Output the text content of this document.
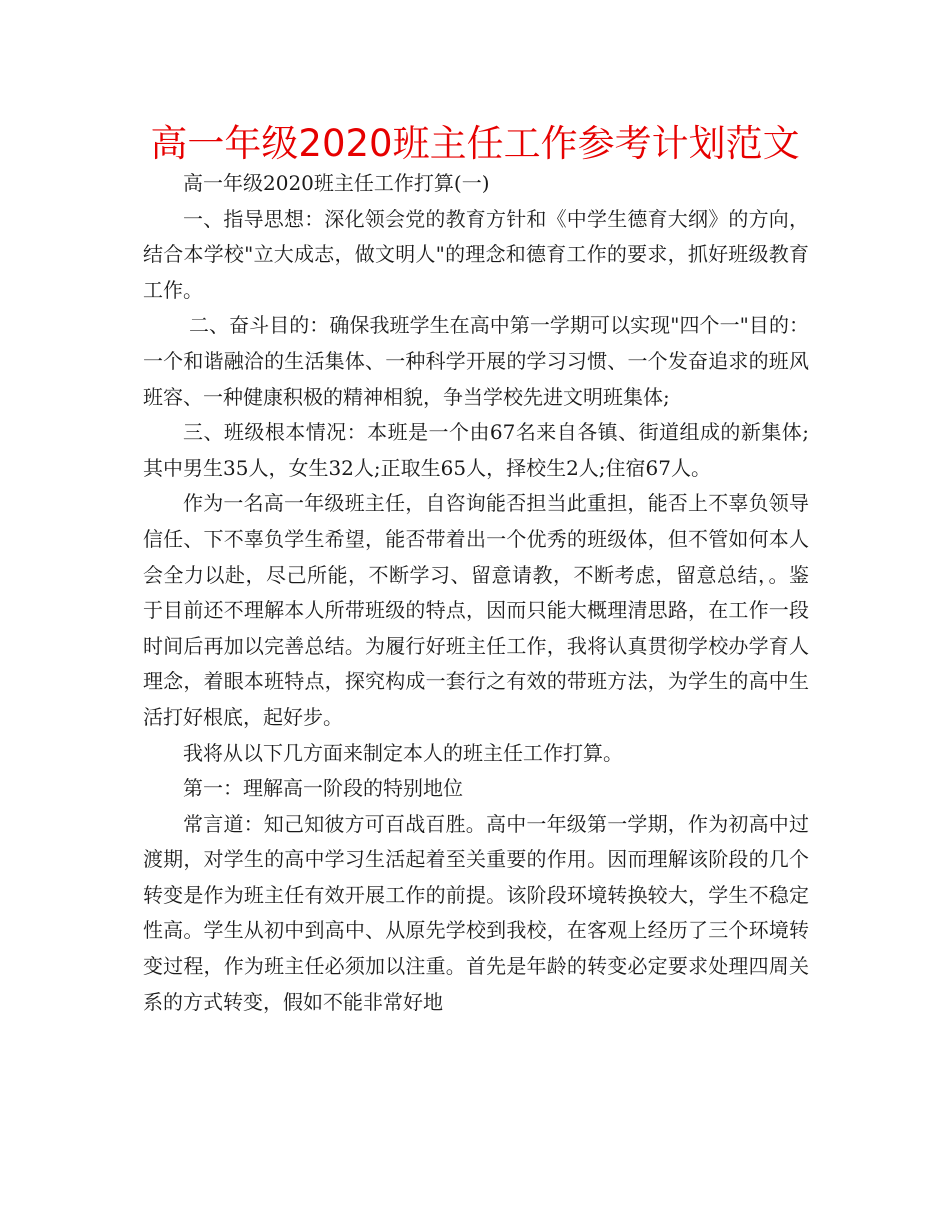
高一年级2020班主任工作参考计划范文

高一年级2020班主任工作打算(一)

一、指导思想：深化领会党的教育方针和《中学生德育大纲》的方向，结合本学校"立大成志，做文明人"的理念和德育工作的要求，抓好班级教育工作。

二、奋斗目的：确保我班学生在高中第一学期可以实现"四个一"目的：一个和谐融洽的生活集体、一种科学开展的学习习惯、一个发奋追求的班风班容、一种健康积极的精神相貌，争当学校先进文明班集体;

三、班级根本情况：本班是一个由67名来自各镇、街道组成的新集体;其中男生35人，女生32人;正取生65人，择校生2人;住宿67人。

作为一名高一年级班主任，自咨询能否担当此重担，能否上不辜负领导信任、下不辜负学生希望，能否带着出一个优秀的班级体，但不管如何本人会全力以赴，尽己所能，不断学习、留意请教，不断考虑，留意总结，。鉴于目前还不理解本人所带班级的特点，因而只能大概理清思路，在工作一段时间后再加以完善总结。为履行好班主任工作，我将认真贯彻学校办学育人理念，着眼本班特点，探究构成一套行之有效的带班方法，为学生的高中生活打好根底，起好步。

我将从以下几方面来制定本人的班主任工作打算。

第一：理解高一阶段的特别地位

常言道：知己知彼方可百战百胜。高中一年级第一学期，作为初高中过渡期，对学生的高中学习生活起着至关重要的作用。因而理解该阶段的几个转变是作为班主任有效开展工作的前提。该阶段环境转换较大，学生不稳定性高。学生从初中到高中、从原先学校到我校，在客观上经历了三个环境转变过程，作为班主任必须加以注重。首先是年龄的转变必定要求处理四周关系的方式转变，假如不能非常好地
